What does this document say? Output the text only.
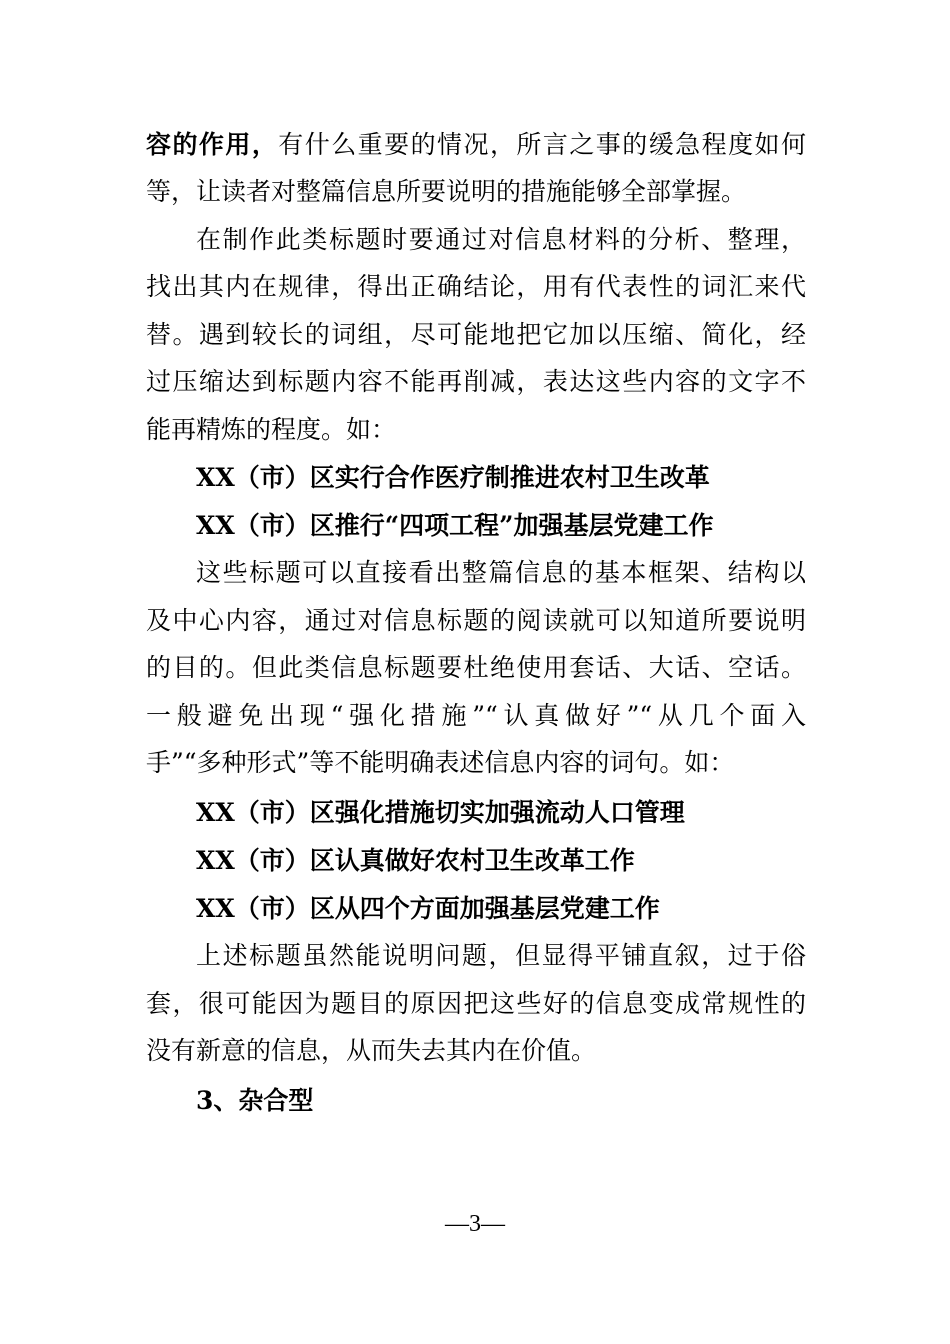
容的作用，有什么重要的情况，所言之事的缓急程度如何
等，让读者对整篇信息所要说明的措施能够全部掌握。
在制作此类标题时要通过对信息材料的分析、整理，
找出其内在规律，得出正确结论，用有代表性的词汇来代
替。遇到较长的词组，尽可能地把它加以压缩、简化，经
过压缩达到标题内容不能再削减，表达这些内容的文字不
能再精炼的程度。如：
XX（市）区实行合作医疗制推进农村卫生改革
XX（市）区推行“四项工程”加强基层党建工作
这些标题可以直接看出整篇信息的基本框架、结构以
及中心内容，通过对信息标题的阅读就可以知道所要说明
的目的。但此类信息标题要杜绝使用套话、大话、空话。
一般避免出现“强化措施”“认真做好”“从几个面入
手”“多种形式”等不能明确表述信息内容的词句。如：
XX（市）区强化措施切实加强流动人口管理
XX（市）区认真做好农村卫生改革工作
XX（市）区从四个方面加强基层党建工作
上述标题虽然能说明问题，但显得平铺直叙，过于俗
套，很可能因为题目的原因把这些好的信息变成常规性的
没有新意的信息，从而失去其内在价值。
3、杂合型
—3—
